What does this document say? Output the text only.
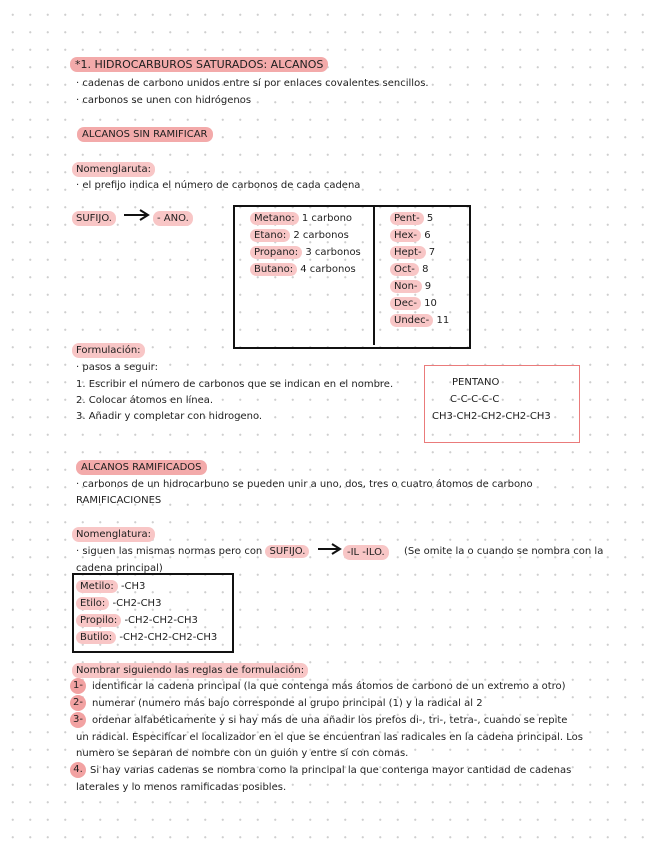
*1. HIDROCARBUROS SATURADOS: ALCANOS
· cadenas de carbono unidos entre sí por enlaces covalentes sencillos.
· carbonos se unen con hidrógenos
ALCANOS SIN RAMIFICAR
Nomenglaruta:
· el prefijo indica el número de carbonos de cada cadena
SUFIJO.	- ANO.	Metano: 1 carbono
Etano: 2 carbonos
Propano: 3 carbonos
Butano: 4 carbonos
Pent- 5
Hex- 6
Hept- 7
Oct- 8
Non- 9
Dec- 10
Undec- 11
Formulación:
· pasos a seguir:
1. Escribir el número de carbonos que se indican en el nombre.
2. Colocar átomos en línea.
3. Añadir y completar con hidrogeno.
PENTANO
C-C-C-C-C
CH3-CH2-CH2-CH2-CH3
ALCANOS RAMIFICADOS
· carbonos de un hidrocarbuno se pueden unir a uno, dos, tres o cuatro átomos de carbono
RAMIFICACIONES
Nomenglatura:
· siguen las mismas normas pero con SUFIJO.	-IL -ILO.	(Se omite la o cuando se nombra con la
cadena principal)
Metilo: -CH3
Etilo: -CH2-CH3
Propilo: -CH2-CH2-CH3
Butilo: -CH2-CH2-CH2-CH3
Nombrar siguiendo las reglas de formulación:
1- identificar la cadena principal (la que contenga más átomos de carbono de un extremo a otro)
2- numerar (numero más bajo corresponde al grupo principal (1) y la radical al 2
3- ordenar alfabéticamente y si hay más de una añadir los prefos di-, tri-, tetra-, cuando se repite
un radical. Especificar el localizador en el que se encuentran las radicales en la cadena principal. Los
numero se separan de nombre con un guión y entre sí con comas.
4. Si hay varias cadenas se nombra como la principal la que contenga mayor cantidad de cadenas
laterales y lo menos ramificadas posibles.
